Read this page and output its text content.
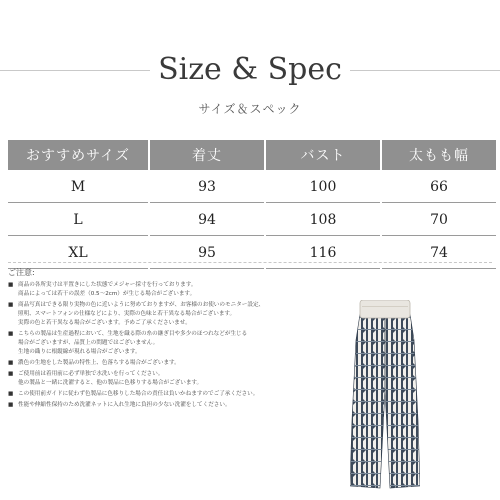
Size & Spec
サイズ＆スペック
おすすめサイズ	着丈	バスト	太もも幅
M	93	100	66
L	94	108	70
XL	95	116	74
ご注意:
■ 商品の各所実寸は平置きにした状態でメジャー採寸を行っております。
商品によっては若干の誤差（0.5～2cm）が生じる場合がございます。
■ 商品写真はできる限り実物の色に近いように努めておりますが、お客様のお使いのモニター設定、
照明、スマートフォンの仕様などにより、実際の色味と若干異なる場合がございます。
実際の色と若干異なる場合がございます。予めご了承くださいませ。
■ こちらの製品は生産過程において、生地を織る際の糸の継ぎ目や多少のほつれなどが生じる
場合がございますが、品質上の問題ではございません。
生地の織りに根縦線が現れる場合がございます。
■ 濃色の生地をした製品の特性上、色落ちする場合がございます。
■ ご使用前は着用前に必ず単独で水洗いを行ってください。
他の製品と一緒に洗濯すると、他の製品に色移りする場合がございます。
■ この使用前ガイドに従わず色製品に色移りした場合の責任は負いかねますのでご了承ください。
■ 性能や伸縮性保持のため洗濯ネットに入れ生地に負担の少ない洗濯をしてください。
